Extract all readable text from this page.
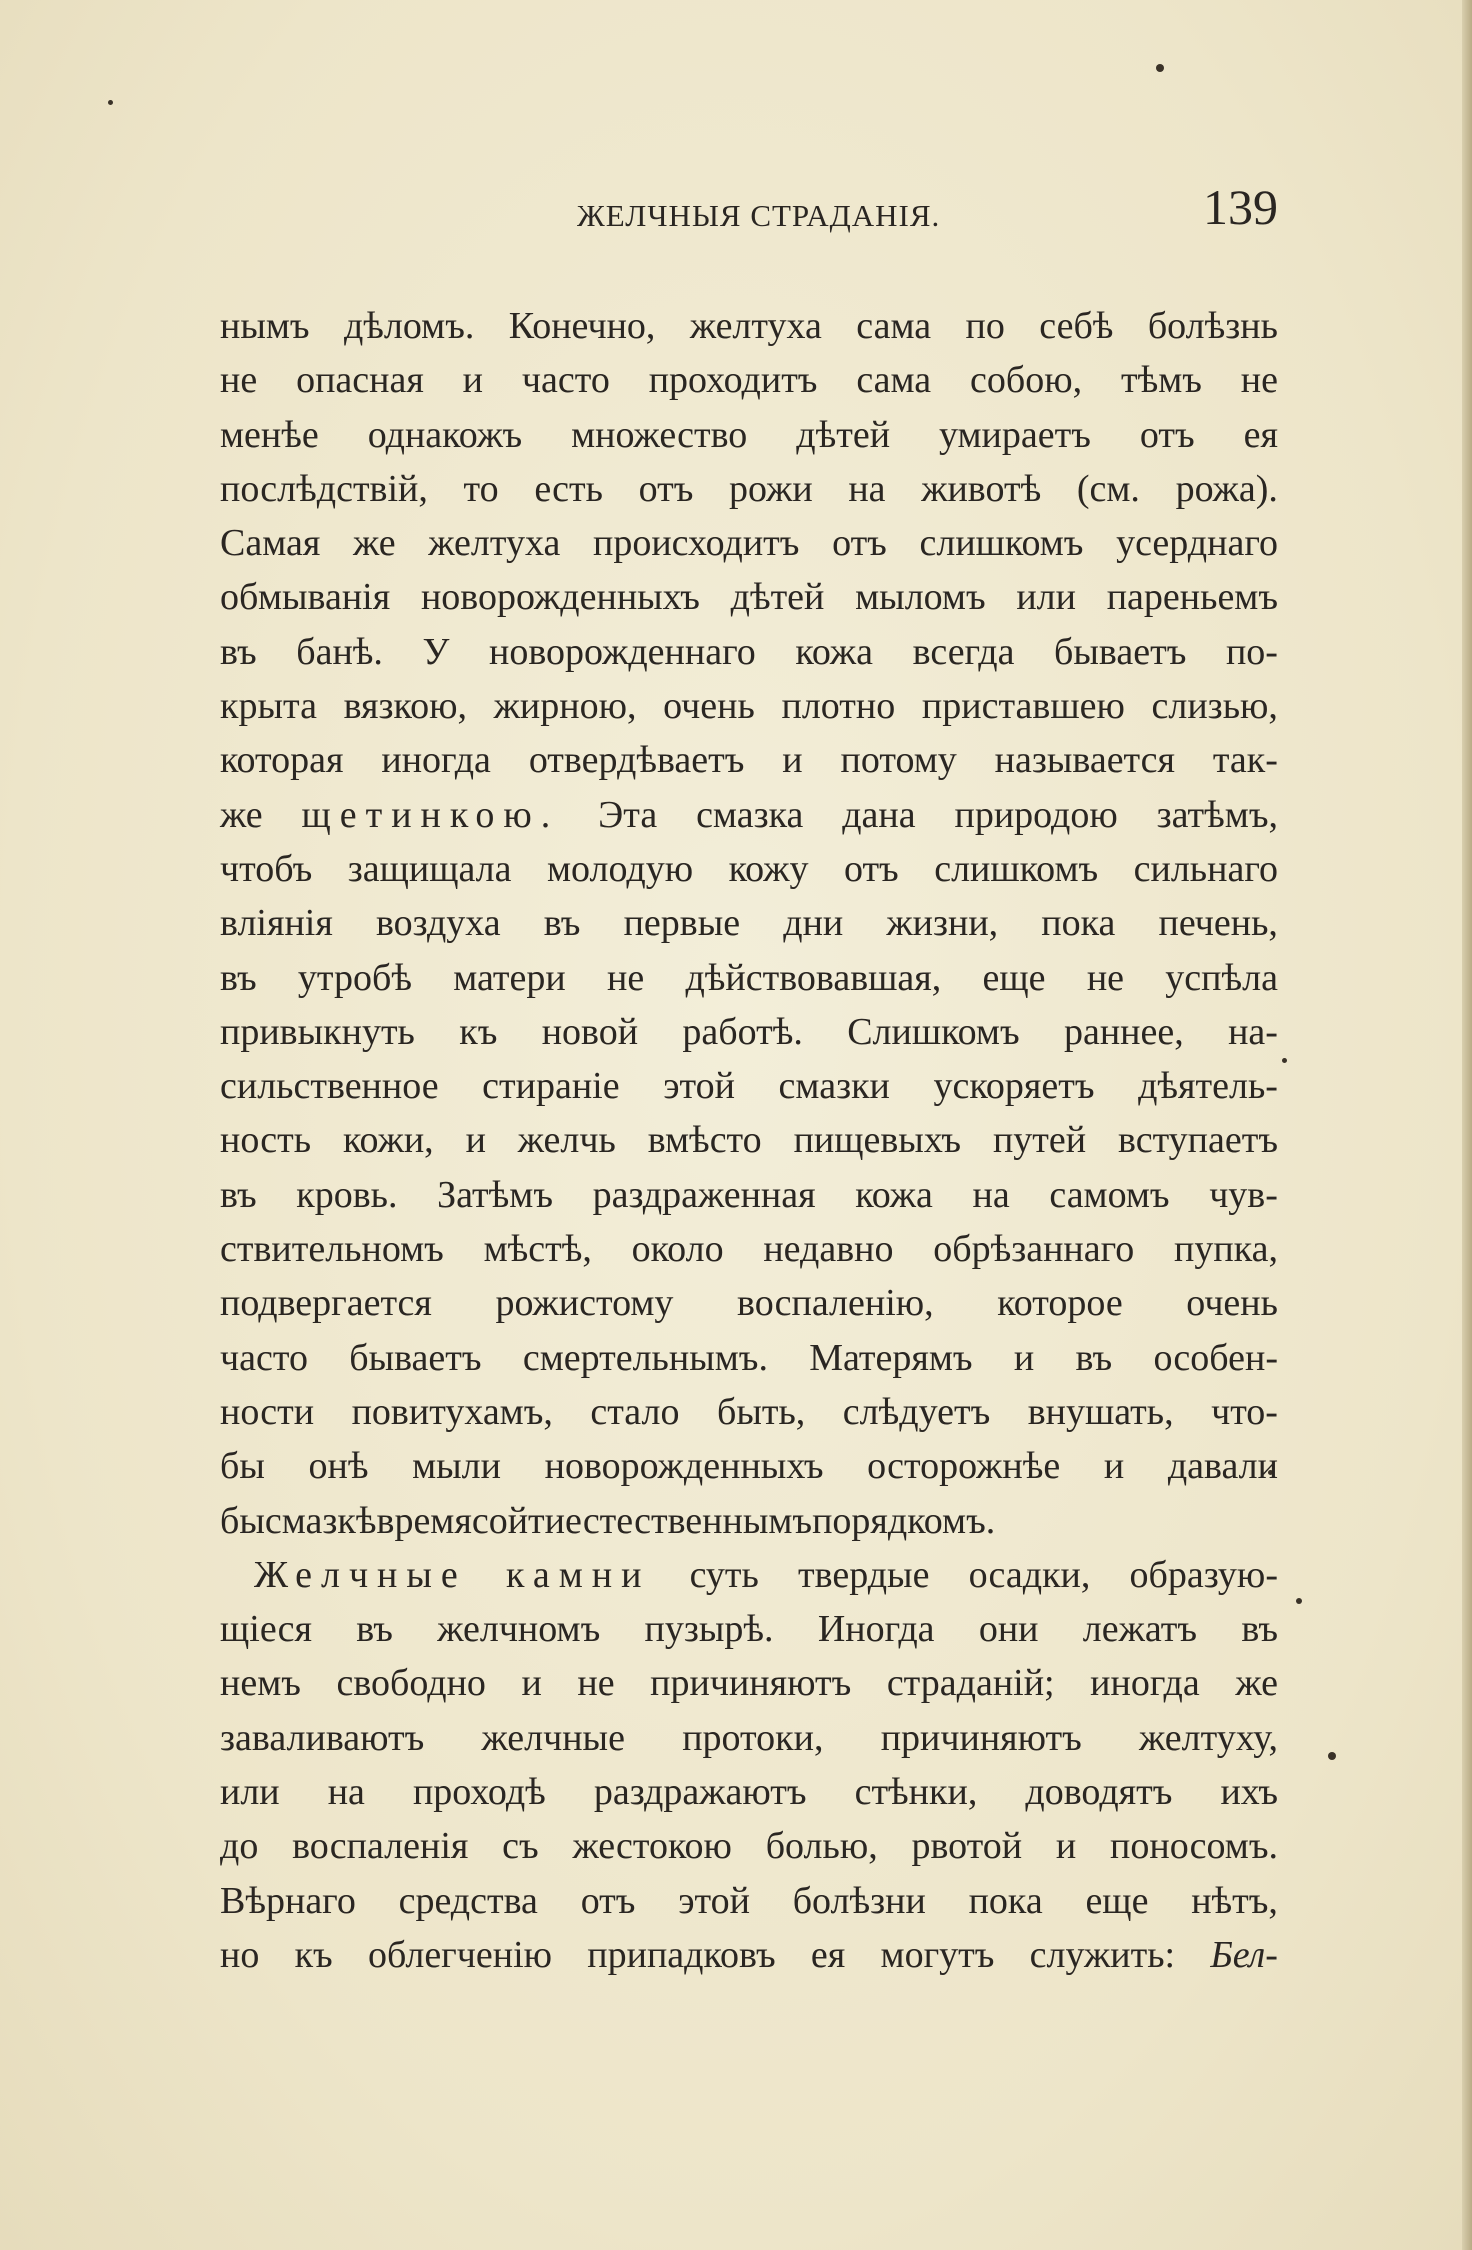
ЖЕЛЧНЫЯ СТРАДАНІЯ.	139
нымъ дѣломъ. Конечно, желтуха сама по себѣ болѣзнь
не опасная и часто проходитъ сама собою, тѣмъ не
менѣе однакожъ множество дѣтей умираетъ отъ ея
послѣдствій, то есть отъ рожи на животѣ (см. рожа).
Самая же желтуха происходитъ отъ слишкомъ усерднаго
обмыванія новорожденныхъ дѣтей мыломъ или пареньемъ
въ банѣ. У новорожденнаго кожа всегда бываетъ по-
крыта вязкою, жирною, очень плотно приставшею слизью,
которая иногда отвердѣваетъ и потому называется так-
же щетинкою. Эта смазка дана природою затѣмъ,
чтобъ защищала молодую кожу отъ слишкомъ сильнаго
вліянія воздуха въ первые дни жизни, пока печень,
въ утробѣ матери не дѣйствовавшая, еще не успѣла
привыкнуть къ новой работѣ. Слишкомъ раннее, на-
сильственное стираніе этой смазки ускоряетъ дѣятель-
ность кожи, и желчь вмѣсто пищевыхъ путей вступаетъ
въ кровь. Затѣмъ раздраженная кожа на самомъ чув-
ствительномъ мѣстѣ, около недавно обрѣзаннаго пупка,
подвергается рожистому воспаленію, которое очень
часто бываетъ смертельнымъ. Матерямъ и въ особен-
ности повитухамъ, стало быть, слѣдуетъ внушать, что-
бы онѣ мыли новорожденныхъ осторожнѣе и давали
бы смазкѣ время сойти естественнымъ порядкомъ.
Желчные камни суть твердые осадки, образую-
щіеся въ желчномъ пузырѣ. Иногда они лежатъ въ
немъ свободно и не причиняютъ страданій; иногда же
заваливаютъ желчные протоки, причиняютъ желтуху,
или на проходѣ раздражаютъ стѣнки, доводятъ ихъ
до воспаленія съ жестокою болью, рвотой и поносомъ.
Вѣрнаго средства отъ этой болѣзни пока еще нѣтъ,
но къ облегченію припадковъ ея могутъ служить: Бел-
